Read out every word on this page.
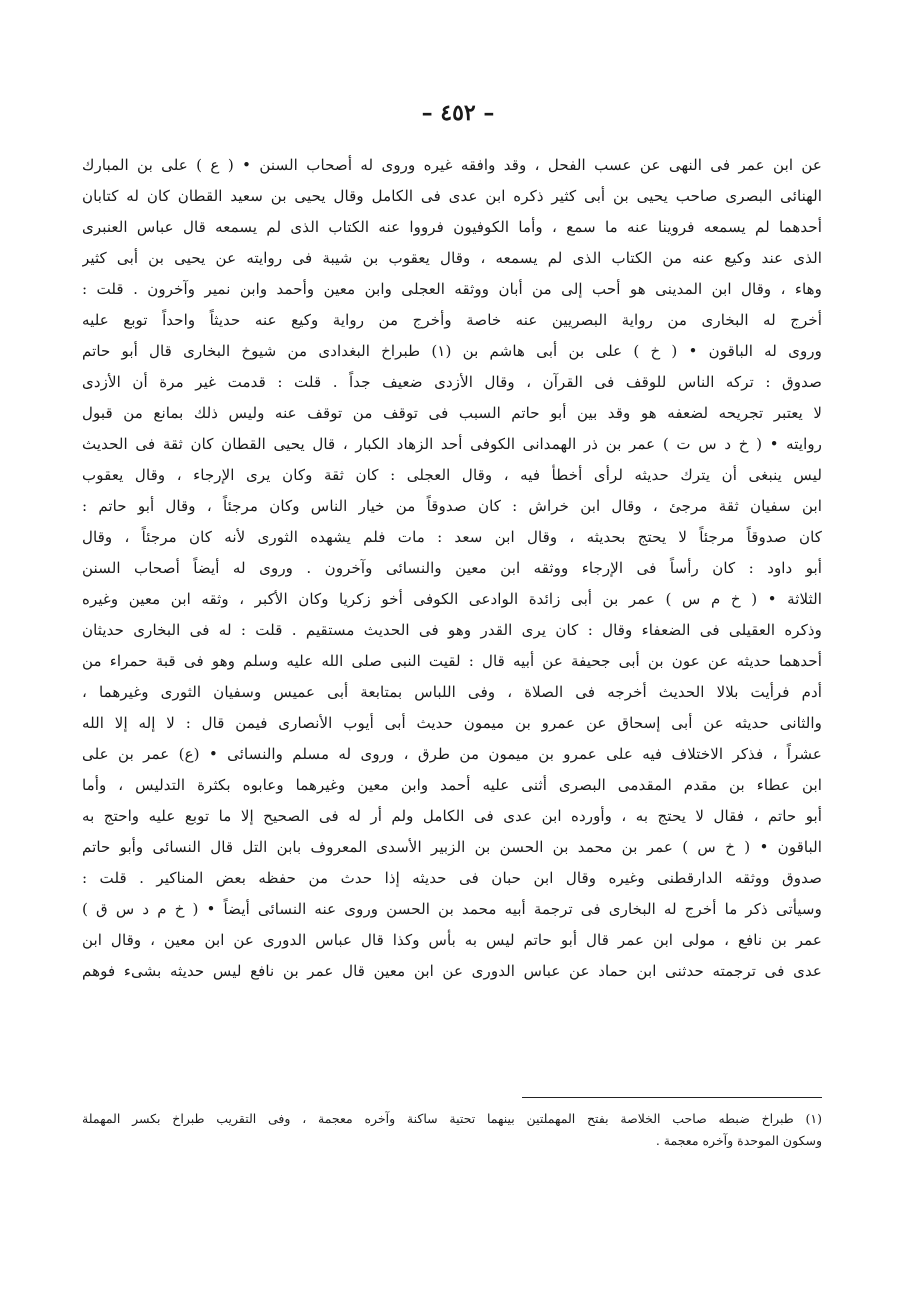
– ٤٥٢ –
عن ابن عمر فى النهى عن عسب الفحل ، وقد وافقه غيره وروى له أصحاب السنن • ( ع ) على بن المبارك
الهنائى البصرى صاحب يحيى بن أبى كثير ذكره ابن عدى فى الكامل وقال يحيى بن سعيد القطان كان له كتابان
أحدهما لم يسمعه فروينا عنه ما سمع ، وأما الكوفيون فرووا عنه الكتاب الذى لم يسمعه قال عباس العنبرى
الذى عند وكيع عنه من الكتاب الذى لم يسمعه ، وقال يعقوب بن شيبة فى روايته عن يحيى بن أبى كثير
وهاء ، وقال ابن المدينى هو أحب إلى من أبان ووثقه العجلى وابن معين وأحمد وابن نمير وآخرون . قلت :
أخرج له البخارى من رواية البصريين عنه خاصة وأخرج من رواية وكيع عنه حديثاً واحداً توبع عليه
وروى له الباقون • ( خ ) على بن أبى هاشم بن (١) طبراخ البغدادى من شيوخ البخارى قال أبو حاتم
صدوق : تركه الناس للوقف فى القرآن ، وقال الأزدى ضعيف جداً . قلت : قدمت غير مرة أن الأزدى
لا يعتبر تجريحه لضعفه هو وقد بين أبو حاتم السبب فى توقف من توقف عنه وليس ذلك بمانع من قبول
روايته • ( خ د س ت ) عمر بن ذر الهمدانى الكوفى أحد الزهاد الكبار ، قال يحيى القطان كان ثقة فى الحديث
ليس ينبغى أن يترك حديثه لرأى أخطأ فيه ، وقال العجلى : كان ثقة وكان يرى الإرجاء ، وقال يعقوب
ابن سفيان ثقة مرجئ ، وقال ابن خراش : كان صدوقاً من خيار الناس وكان مرجئاً ، وقال أبو حاتم :
كان صدوقاً مرجئاً لا يحتج بحديثه ، وقال ابن سعد : مات فلم يشهده الثورى لأنه كان مرجئاً ، وقال
أبو داود : كان رأساً فى الإرجاء ووثقه ابن معين والنسائى وآخرون . وروى له أيضاً أصحاب السنن
الثلاثة • ( خ م س ) عمر بن أبى زائدة الوادعى الكوفى أخو زكريا وكان الأكبر ، وثقه ابن معين وغيره
وذكره العقيلى فى الضعفاء وقال : كان يرى القدر وهو فى الحديث مستقيم . قلت : له فى البخارى حديثان
أحدهما حديثه عن عون بن أبى جحيفة عن أبيه قال : لقيت النبى صلى الله عليه وسلم وهو فى قبة حمراء من
أدم فرأيت بلالا الحديث أخرجه فى الصلاة ، وفى اللباس بمتابعة أبى عميس وسفيان الثورى وغيرهما ،
والثانى حديثه عن أبى إسحاق عن عمرو بن ميمون حديث أبى أيوب الأنصارى فيمن قال : لا إله إلا الله
عشراً ، فذكر الاختلاف فيه على عمرو بن ميمون من طرق ، وروى له مسلم والنسائى • (ع) عمر بن على
ابن عطاء بن مقدم المقدمى البصرى أثنى عليه أحمد وابن معين وغيرهما وعابوه بكثرة التدليس ، وأما
أبو حاتم ، فقال لا يحتج به ، وأورده ابن عدى فى الكامل ولم أر له فى الصحيح إلا ما توبع عليه واحتج به
الباقون • ( خ س ) عمر بن محمد بن الحسن بن الزبير الأسدى المعروف بابن التل قال النسائى وأبو حاتم
صدوق ووثقه الدارقطنى وغيره وقال ابن حبان فى حديثه إذا حدث من حفظه بعض المناكير . قلت :
وسيأتى ذكر ما أخرج له البخارى فى ترجمة أبيه محمد بن الحسن وروى عنه النسائى أيضاً • ( خ م د س ق )
عمر بن نافع ، مولى ابن عمر قال أبو حاتم ليس به بأس وكذا قال عباس الدورى عن ابن معين ، وقال ابن
عدى فى ترجمته حدثنى ابن حماد عن عباس الدورى عن ابن معين قال عمر بن نافع ليس حديثه بشىء فوهم
(١) طبراخ ضبطه صاحب الخلاصة بفتح المهملتين بينهما تحتية ساكنة وآخره معجمة ، وفى التقريب طبراخ بكسر المهملة
وسكون الموحدة وآخره معجمة .
